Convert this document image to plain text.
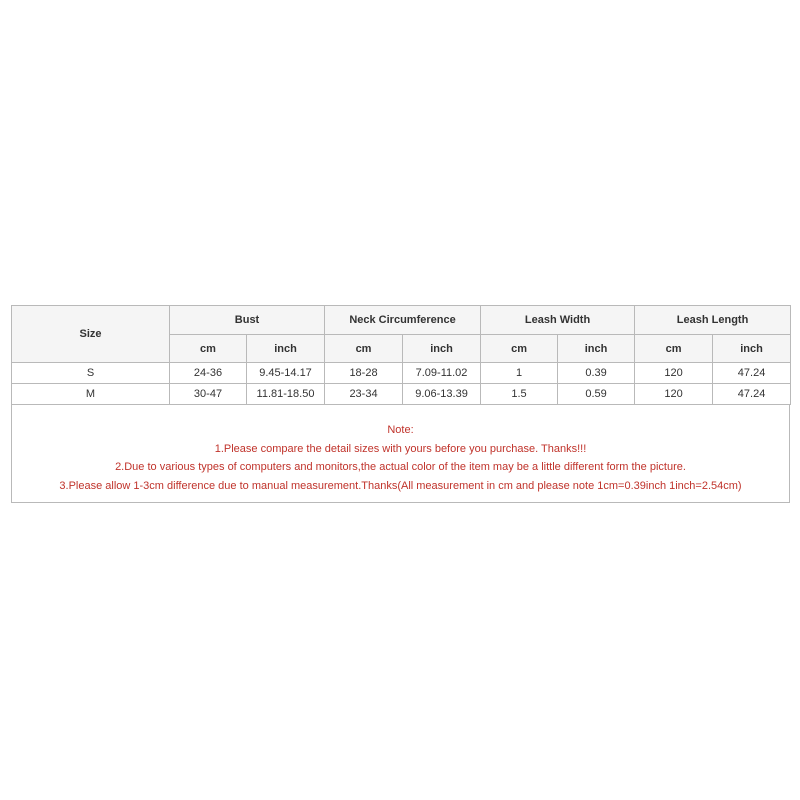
Size	Bust		Neck Circumference		Leash Width		Leash Length	
	cm	inch	cm	inch	cm	inch	cm	inch
S	24-36	9.45-14.17	18-28	7.09-11.02	1	0.39	120	47.24
M	30-47	11.81-18.50	23-34	9.06-13.39	1.5	0.59	120	47.24
Note:
1.Please compare the detail sizes with yours before you purchase. Thanks!!!
2.Due to various types of computers and monitors,the actual color of the item may be a little different form the picture.
3.Please allow 1-3cm difference due to manual measurement.Thanks(All measurement in cm and please note 1cm=0.39inch 1inch=2.54cm)
